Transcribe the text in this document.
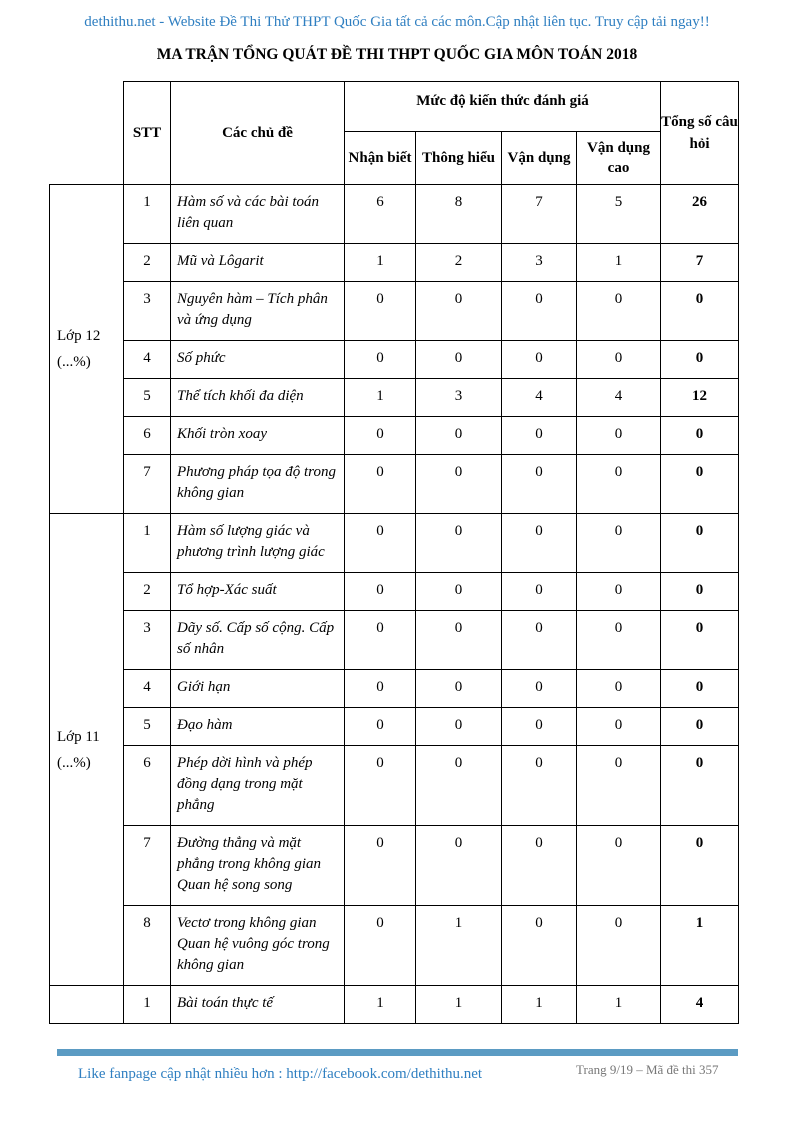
dethithu.net - Website Đề Thi Thử THPT Quốc Gia tất cả các môn.Cập nhật liên tục. Truy cập tải ngay!!
MA TRẬN TỔNG QUÁT ĐỀ THI THPT QUỐC GIA MÔN TOÁN 2018
	STT	Các chủ đề	Mức độ kiến thức đánh giá				Tổng số câu hỏi
			Nhận biết	Thông hiểu	Vận dụng	Vận dụng cao	
Lớp 12
(...%)	1	Hàm số và các bài toán liên quan	6	8	7	5	26
	2	Mũ và Lôgarit	1	2	3	1	7
	3	Nguyên hàm – Tích phân và ứng dụng	0	0	0	0	0
	4	Số phức	0	0	0	0	0
	5	Thể tích khối đa diện	1	3	4	4	12
	6	Khối tròn xoay	0	0	0	0	0
	7	Phương pháp tọa độ trong không gian	0	0	0	0	0
Lớp 11
(...%)	1	Hàm số lượng giác và phương trình lượng giác	0	0	0	0	0
	2	Tổ hợp-Xác suất	0	0	0	0	0
	3	Dãy số. Cấp số cộng. Cấp số nhân	0	0	0	0	0
	4	Giới hạn	0	0	0	0	0
	5	Đạo hàm	0	0	0	0	0
	6	Phép dời hình và phép đồng dạng trong mặt phẳng	0	0	0	0	0
	7	Đường thẳng và mặt phẳng trong không gian Quan hệ song song	0	0	0	0	0
	8	Vectơ trong không gian Quan hệ vuông góc trong không gian	0	1	0	0	1
	1	Bài toán thực tế	1	1	1	1	4
Like fanpage cập nhật nhiều hơn : http://facebook.com/dethithu.net	Trang 9/19 – Mã đề thi 357
